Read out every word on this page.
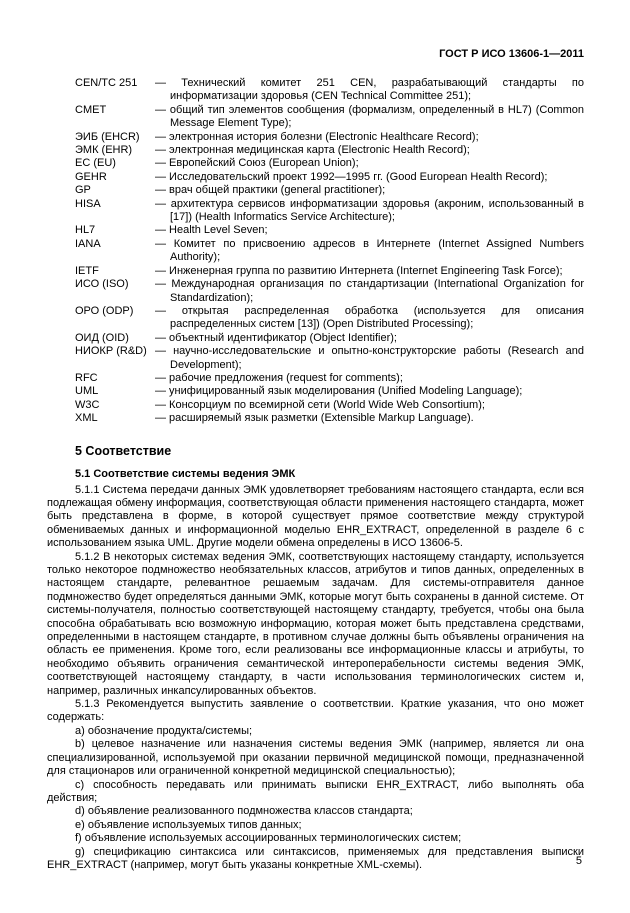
ГОСТ Р ИСО 13606-1—2011
CEN/TC 251	— Технический комитет 251 CEN, разрабатывающий стандарты по информатизации здоровья (CEN Technical Committee 251);
CMET	— общий тип элементов сообщения (формализм, определенный в HL7) (Common Message Element Type);
ЭИБ (EHCR)	— электронная история болезни (Electronic Healthcare Record);
ЭМК (EHR)	— электронная медицинская карта (Electronic Health Record);
ЕС (EU)	— Европейский Союз (European Union);
GEHR	— Исследовательский проект 1992—1995 гг. (Good European Health Record);
GP	— врач общей практики (general practitioner);
HISA	— архитектура сервисов информатизации здоровья (акроним, использованный в [17]) (Health Informatics Service Architecture);
HL7	— Health Level Seven;
IANA	— Комитет по присвоению адресов в Интернете (Internet Assigned Numbers Authority);
IETF	— Инженерная группа по развитию Интернета (Internet Engineering Task Force);
ИСО (ISO)	— Международная организация по стандартизации (International Organization for Standardization);
ОРО (ODP)	— открытая распределенная обработка (используется для описания распределенных систем [13]) (Open Distributed Processing);
ОИД (OID)	— объектный идентификатор (Object Identifier);
НИОКР (R&D) — научно-исследовательские и опытно-конструкторские работы (Research and Development);
RFC	— рабочие предложения (request for comments);
UML	— унифицированный язык моделирования (Unified Modeling Language);
W3C	— Консорциум по всемирной сети (World Wide Web Consortium);
XML	— расширяемый язык разметки (Extensible Markup Language).
5 Соответствие
5.1 Соответствие системы ведения ЭМК

5.1.1 Система передачи данных ЭМК удовлетворяет требованиям настоящего стандарта, если вся подлежащая обмену информация, соответствующая области применения настоящего стандарта, может быть представлена в форме, в которой существует прямое соответствие между структурой обмениваемых данных и информационной моделью EHR_EXTRACT, определенной в разделе 6 с использованием языка UML. Другие модели обмена определены в ИСО 13606-5.

5.1.2 В некоторых системах ведения ЭМК, соответствующих настоящему стандарту, используется только некоторое подмножество необязательных классов, атрибутов и типов данных, определенных в настоящем стандарте, релевантное решаемым задачам. Для системы-отправителя данное подмножество будет определяться данными ЭМК, которые могут быть сохранены в данной системе. От системы-получателя, полностью соответствующей настоящему стандарту, требуется, чтобы она была способна обрабатывать всю возможную информацию, которая может быть представлена средствами, определенными в настоящем стандарте, в противном случае должны быть объявлены ограничения на область ее применения. Кроме того, если реализованы все информационные классы и атрибуты, то необходимо объявить ограничения семантической интероперабельности системы ведения ЭМК, соответствующей настоящему стандарту, в части использования терминологических систем и, например, различных инкапсулированных объектов.

5.1.3 Рекомендуется выпустить заявление о соответствии. Краткие указания, что оно может содержать:

a) обозначение продукта/системы;

b) целевое назначение или назначения системы ведения ЭМК (например, является ли она специализированной, используемой при оказании первичной медицинской помощи, предназначенной для стационаров или ограниченной конкретной медицинской специальностью);

c) способность передавать или принимать выписки EHR_EXTRACT, либо выполнять оба действия;

d) объявление реализованного подмножества классов стандарта;

e) объявление используемых типов данных;

f) объявление используемых ассоциированных терминологических систем;

g) спецификацию синтаксиса или синтаксисов, применяемых для представления выписки EHR_EXTRACT (например, могут быть указаны конкретные XML-схемы).	5
